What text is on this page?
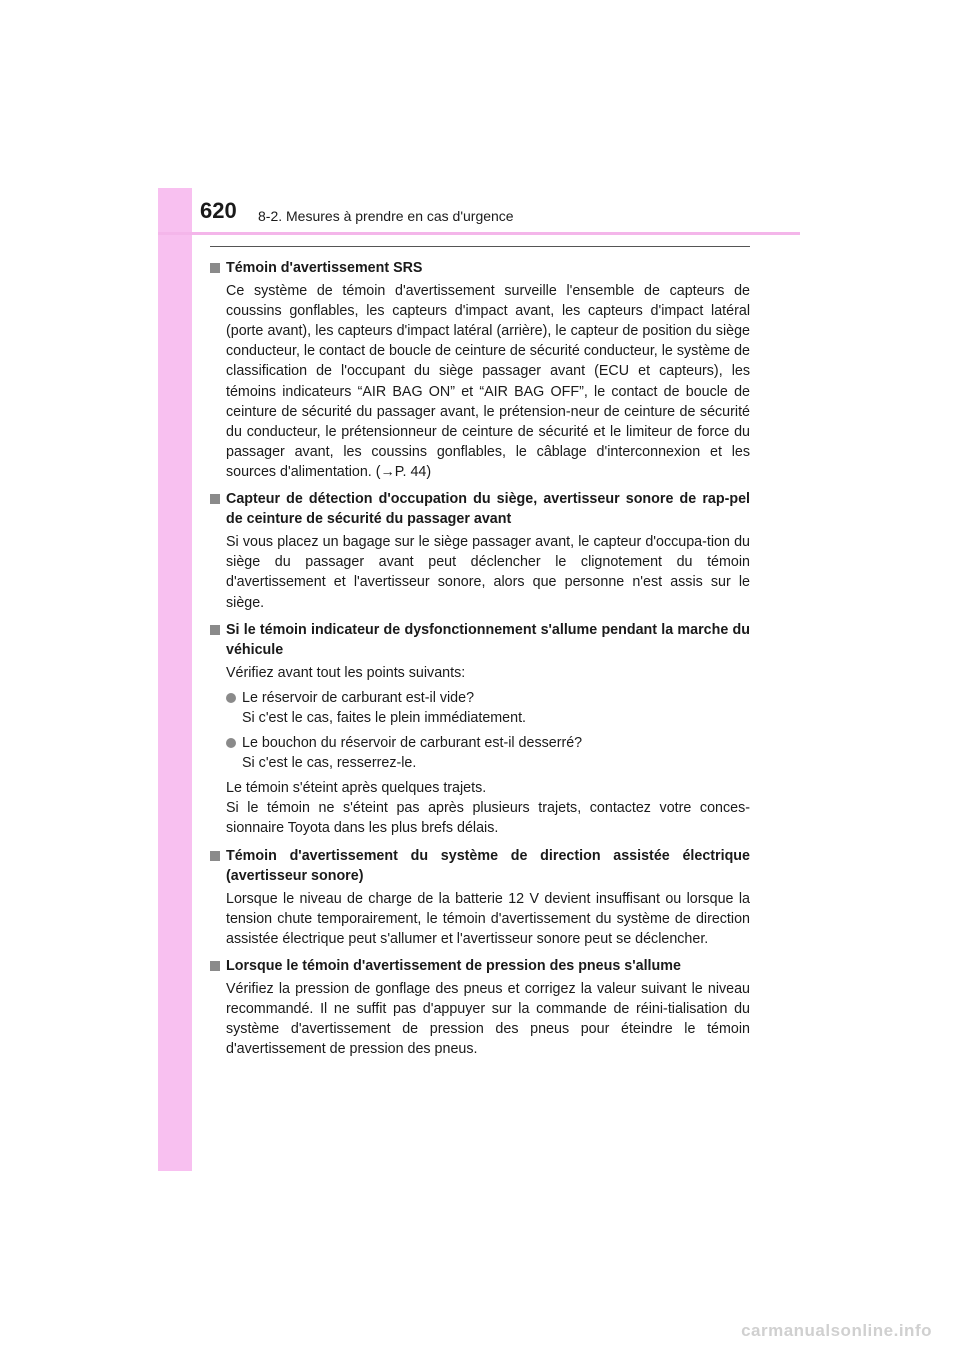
620 8-2. Mesures à prendre en cas d'urgence
Témoin d'avertissement SRS
Ce système de témoin d'avertissement surveille l'ensemble de capteurs de coussins gonflables, les capteurs d'impact avant, les capteurs d'impact latéral (porte avant), les capteurs d'impact latéral (arrière), le capteur de position du siège conducteur, le contact de boucle de ceinture de sécurité conducteur, le système de classification de l'occupant du siège passager avant (ECU et capteurs), les témoins indicateurs “AIR BAG ON” et “AIR BAG OFF”, le contact de boucle de ceinture de sécurité du passager avant, le prétension-neur de ceinture de sécurité du conducteur, le prétensionneur de ceinture de sécurité et le limiteur de force du passager avant, les coussins gonflables, le câblage d'interconnexion et les sources d'alimentation. (→P. 44)
Capteur de détection d'occupation du siège, avertisseur sonore de rap-pel de ceinture de sécurité du passager avant
Si vous placez un bagage sur le siège passager avant, le capteur d'occupa-tion du siège du passager avant peut déclencher le clignotement du témoin d'avertissement et l'avertisseur sonore, alors que personne n'est assis sur le siège.
Si le témoin indicateur de dysfonctionnement s'allume pendant la marche du véhicule
Vérifiez avant tout les points suivants:
Le réservoir de carburant est-il vide?
Si c'est le cas, faites le plein immédiatement.
Le bouchon du réservoir de carburant est-il desserré?
Si c'est le cas, resserrez-le.
Le témoin s'éteint après quelques trajets.
Si le témoin ne s'éteint pas après plusieurs trajets, contactez votre conces-sionnaire Toyota dans les plus brefs délais.
Témoin d'avertissement du système de direction assistée électrique (avertisseur sonore)
Lorsque le niveau de charge de la batterie 12 V devient insuffisant ou lorsque la tension chute temporairement, le témoin d'avertissement du système de direction assistée électrique peut s'allumer et l'avertisseur sonore peut se déclencher.
Lorsque le témoin d'avertissement de pression des pneus s'allume
Vérifiez la pression de gonflage des pneus et corrigez la valeur suivant le niveau recommandé. Il ne suffit pas d'appuyer sur la commande de réini-tialisation du système d'avertissement de pression des pneus pour éteindre le témoin d'avertissement de pression des pneus.
carmanualsonline.info
